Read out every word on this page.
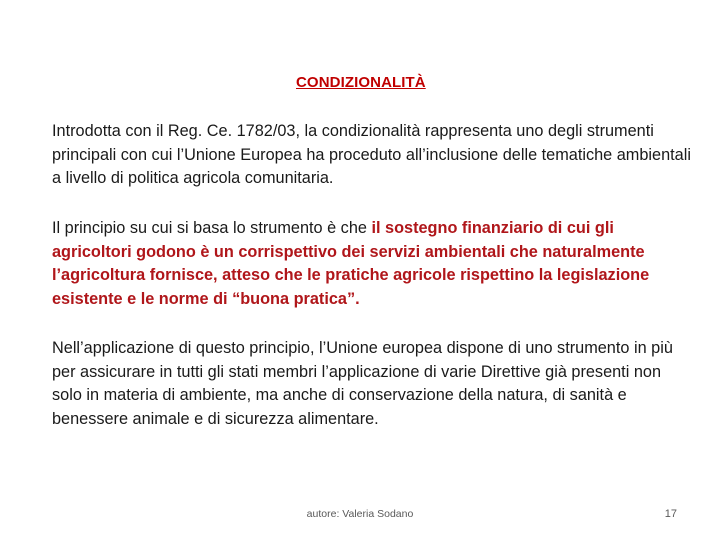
CONDIZIONALITÀ

Introdotta con il Reg. Ce. 1782/03, la condizionalità rappresenta uno degli strumenti principali con cui l’Unione Europea ha proceduto all’inclusione delle tematiche ambientali a livello di politica agricola comunitaria.

Il principio su cui si basa lo strumento è che il sostegno finanziario di cui gli agricoltori godono è un corrispettivo dei servizi ambientali che naturalmente l’agricoltura fornisce, atteso che le pratiche agricole rispettino la legislazione esistente e le norme di “buona pratica”.

Nell’applicazione di questo principio, l’Unione europea dispone di uno strumento in più per assicurare in tutti gli stati membri l’applicazione di varie Direttive già presenti non solo in materia di ambiente, ma anche di conservazione della natura, di sanità e benessere animale e di sicurezza alimentare.

autore: Valeria Sodano	17
